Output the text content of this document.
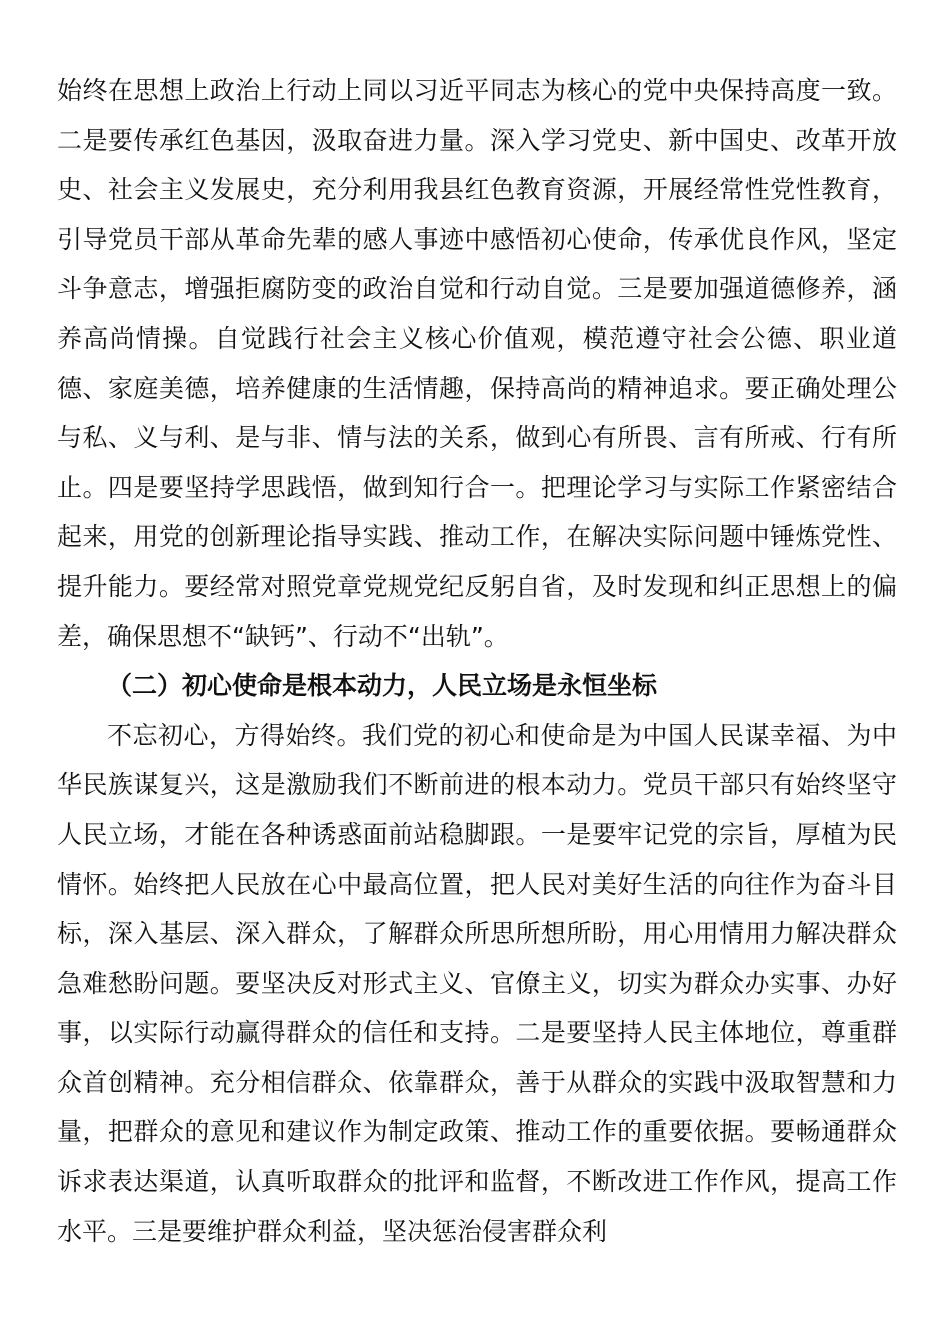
始终在思想上政治上行动上同以习近平同志为核心的党中央保持高度一致。二是要传承红色基因，汲取奋进力量。深入学习党史、新中国史、改革开放史、社会主义发展史，充分利用我县红色教育资源，开展经常性党性教育，引导党员干部从革命先辈的感人事迹中感悟初心使命，传承优良作风，坚定斗争意志，增强拒腐防变的政治自觉和行动自觉。三是要加强道德修养，涵养高尚情操。自觉践行社会主义核心价值观，模范遵守社会公德、职业道德、家庭美德，培养健康的生活情趣，保持高尚的精神追求。要正确处理公与私、义与利、是与非、情与法的关系，做到心有所畏、言有所戒、行有所止。四是要坚持学思践悟，做到知行合一。把理论学习与实际工作紧密结合起来，用党的创新理论指导实践、推动工作，在解决实际问题中锤炼党性、提升能力。要经常对照党章党规党纪反躬自省，及时发现和纠正思想上的偏差，确保思想不“缺钙”、行动不“出轨”。

（二）初心使命是根本动力，人民立场是永恒坐标

不忘初心，方得始终。我们党的初心和使命是为中国人民谋幸福、为中华民族谋复兴，这是激励我们不断前进的根本动力。党员干部只有始终坚守人民立场，才能在各种诱惑面前站稳脚跟。一是要牢记党的宗旨，厚植为民情怀。始终把人民放在心中最高位置，把人民对美好生活的向往作为奋斗目标，深入基层、深入群众，了解群众所思所想所盼，用心用情用力解决群众急难愁盼问题。要坚决反对形式主义、官僚主义，切实为群众办实事、办好事，以实际行动赢得群众的信任和支持。二是要坚持人民主体地位，尊重群众首创精神。充分相信群众、依靠群众，善于从群众的实践中汲取智慧和力量，把群众的意见和建议作为制定政策、推动工作的重要依据。要畅通群众诉求表达渠道，认真听取群众的批评和监督，不断改进工作作风，提高工作水平。三是要维护群众利益，坚决惩治侵害群众利
